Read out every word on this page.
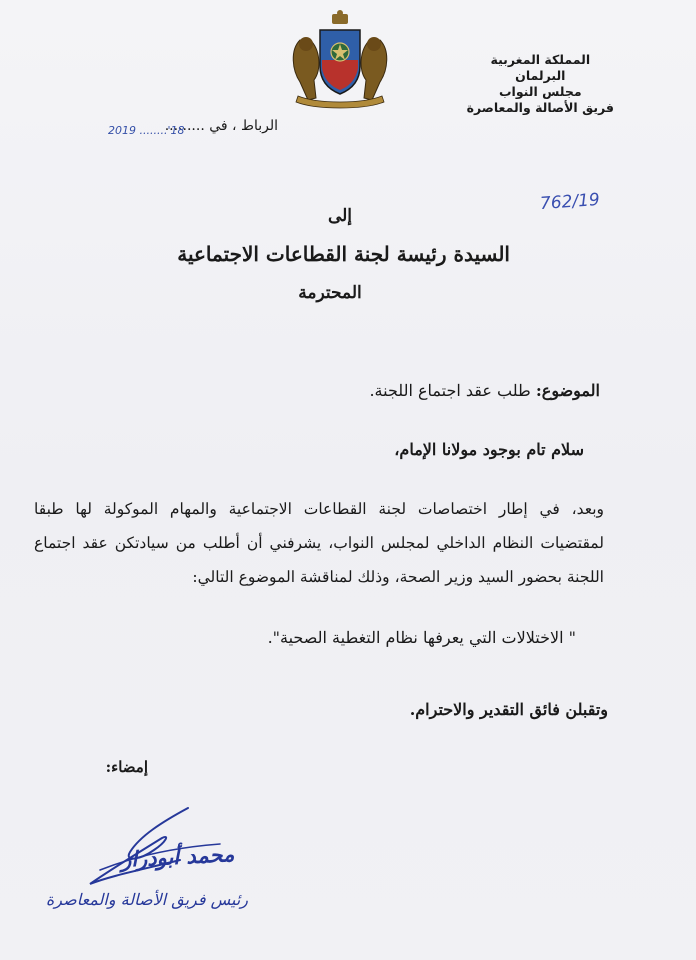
المملكة المغربية
البرلمان
مجلس النواب
فريق الأصالة والمعاصرة
الرباط ، في .........
2019 ........'18
762/19
إلى
السيدة رئيسة لجنة القطاعات الاجتماعية
المحترمة
الموضوع: طلب عقد اجتماع اللجنة.
سلام تام بوجود مولانا الإمام،
وبعد، في إطار اختصاصات لجنة القطاعات الاجتماعية والمهام الموكولة لها طبقا لمقتضيات النظام الداخلي لمجلس النواب، يشرفني أن أطلب من سيادتكن عقد اجتماع اللجنة بحضور السيد وزير الصحة، وذلك لمناقشة الموضوع التالي:
" الاختلالات التي يعرفها نظام التغطية الصحية".
وتقبلن فائق التقدير والاحترام.
إمضاء:
محمد أبودرار
رئيس فريق الأصالة والمعاصرة
